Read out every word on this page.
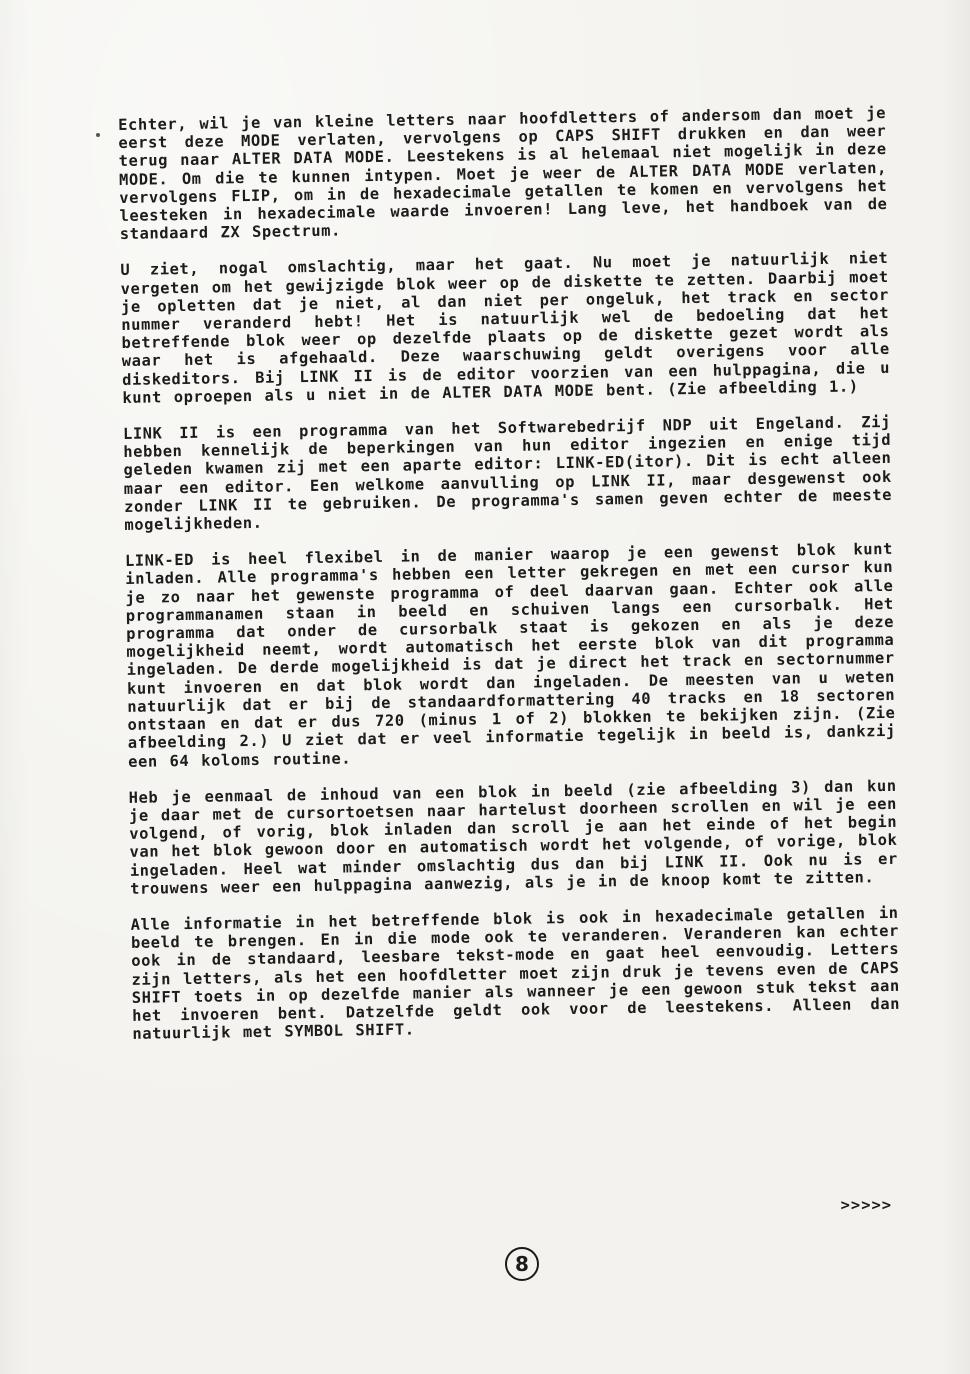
Echter, wil je van kleine letters naar hoofdletters of andersom dan moet je eerst deze MODE verlaten, vervolgens op CAPS SHIFT drukken en dan weer terug naar ALTER DATA MODE. Leestekens is al helemaal niet mogelijk in deze MODE. Om die te kunnen intypen. Moet je weer de ALTER DATA MODE verlaten, vervolgens FLIP, om in de hexadecimale getallen te komen en vervolgens het leesteken in hexadecimale waarde invoeren! Lang leve, het handboek van de standaard ZX Spectrum.

U ziet, nogal omslachtig, maar het gaat. Nu moet je natuurlijk niet vergeten om het gewijzigde blok weer op de diskette te zetten. Daarbij moet je opletten dat je niet, al dan niet per ongeluk, het track en sector nummer veranderd hebt! Het is natuurlijk wel de bedoeling dat het betreffende blok weer op dezelfde plaats op de diskette gezet wordt als waar het is afgehaald. Deze waarschuwing geldt overigens voor alle diskeditors. Bij LINK II is de editor voorzien van een hulppagina, die u kunt oproepen als u niet in de ALTER DATA MODE bent. (Zie afbeelding 1.)

LINK II is een programma van het Softwarebedrijf NDP uit Engeland. Zij hebben kennelijk de beperkingen van hun editor ingezien en enige tijd geleden kwamen zij met een aparte editor: LINK-ED(itor). Dit is echt alleen maar een editor. Een welkome aanvulling op LINK II, maar desgewenst ook zonder LINK II te gebruiken. De programma's samen geven echter de meeste mogelijkheden.

LINK-ED is heel flexibel in de manier waarop je een gewenst blok kunt inladen. Alle programma's hebben een letter gekregen en met een cursor kun je zo naar het gewenste programma of deel daarvan gaan. Echter ook alle programmanamen staan in beeld en schuiven langs een cursorbalk. Het programma dat onder de cursorbalk staat is gekozen en als je deze mogelijkheid neemt, wordt automatisch het eerste blok van dit programma ingeladen. De derde mogelijkheid is dat je direct het track en sectornummer kunt invoeren en dat blok wordt dan ingeladen. De meesten van u weten natuurlijk dat er bij de standaardformattering 40 tracks en 18 sectoren ontstaan en dat er dus 720 (minus 1 of 2) blokken te bekijken zijn. (Zie afbeelding 2.) U ziet dat er veel informatie tegelijk in beeld is, dankzij een 64 koloms routine.

Heb je eenmaal de inhoud van een blok in beeld (zie afbeelding 3) dan kun je daar met de cursortoetsen naar hartelust doorheen scrollen en wil je een volgend, of vorig, blok inladen dan scroll je aan het einde of het begin van het blok gewoon door en automatisch wordt het volgende, of vorige, blok ingeladen. Heel wat minder omslachtig dus dan bij LINK II. Ook nu is er trouwens weer een hulppagina aanwezig, als je in de knoop komt te zitten.

Alle informatie in het betreffende blok is ook in hexadecimale getallen in beeld te brengen. En in die mode ook te veranderen. Veranderen kan echter ook in de standaard, leesbare tekst-mode en gaat heel eenvoudig. Letters zijn letters, als het een hoofdletter moet zijn druk je tevens even de CAPS SHIFT toets in op dezelfde manier als wanneer je een gewoon stuk tekst aan het invoeren bent. Datzelfde geldt ook voor de leestekens. Alleen dan natuurlijk met SYMBOL SHIFT.

>>>>>
8
